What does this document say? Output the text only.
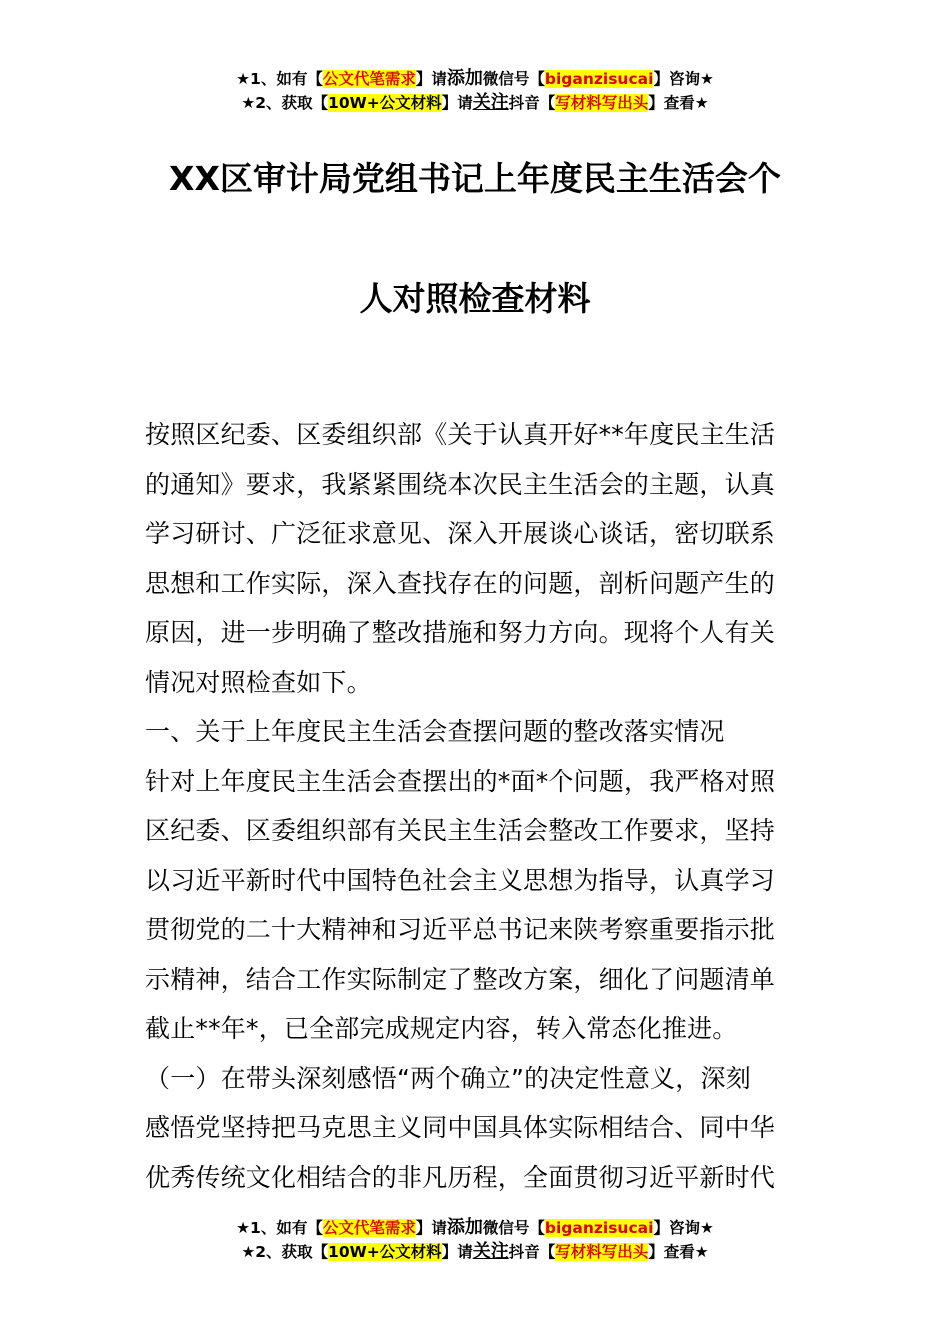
★1、如有【公文代笔需求】请添加微信号【biganzisucai】咨询★
★2、获取【10W+公文材料】请关注抖音【写材料写出头】查看★
XX区审计局党组书记上年度民主生活会个
人对照检查材料

按照区纪委、区委组织部《关于认真开好**年度民主生活

的通知》要求，我紧紧围绕本次民主生活会的主题，认真

学习研讨、广泛征求意见、深入开展谈心谈话，密切联系

思想和工作实际，深入查找存在的问题，剖析问题产生的

原因，进一步明确了整改措施和努力方向。现将个人有关

情况对照检查如下。

一、关于上年度民主生活会查摆问题的整改落实情况

针对上年度民主生活会查摆出的*面*个问题，我严格对照

区纪委、区委组织部有关民主生活会整改工作要求，坚持

以习近平新时代中国特色社会主义思想为指导，认真学习

贯彻党的二十大精神和习近平总书记来陕考察重要指示批

示精神，结合工作实际制定了整改方案，细化了问题清单

截止**年*，已全部完成规定内容，转入常态化推进。

（一）在带头深刻感悟“两个确立”的决定性意义，深刻

感悟党坚持把马克思主义同中国具体实际相结合、同中华

优秀传统文化相结合的非凡历程，全面贯彻习近平新时代

★1、如有【公文代笔需求】请添加微信号【biganzisucai】咨询★
★2、获取【10W+公文材料】请关注抖音【写材料写出头】查看★
